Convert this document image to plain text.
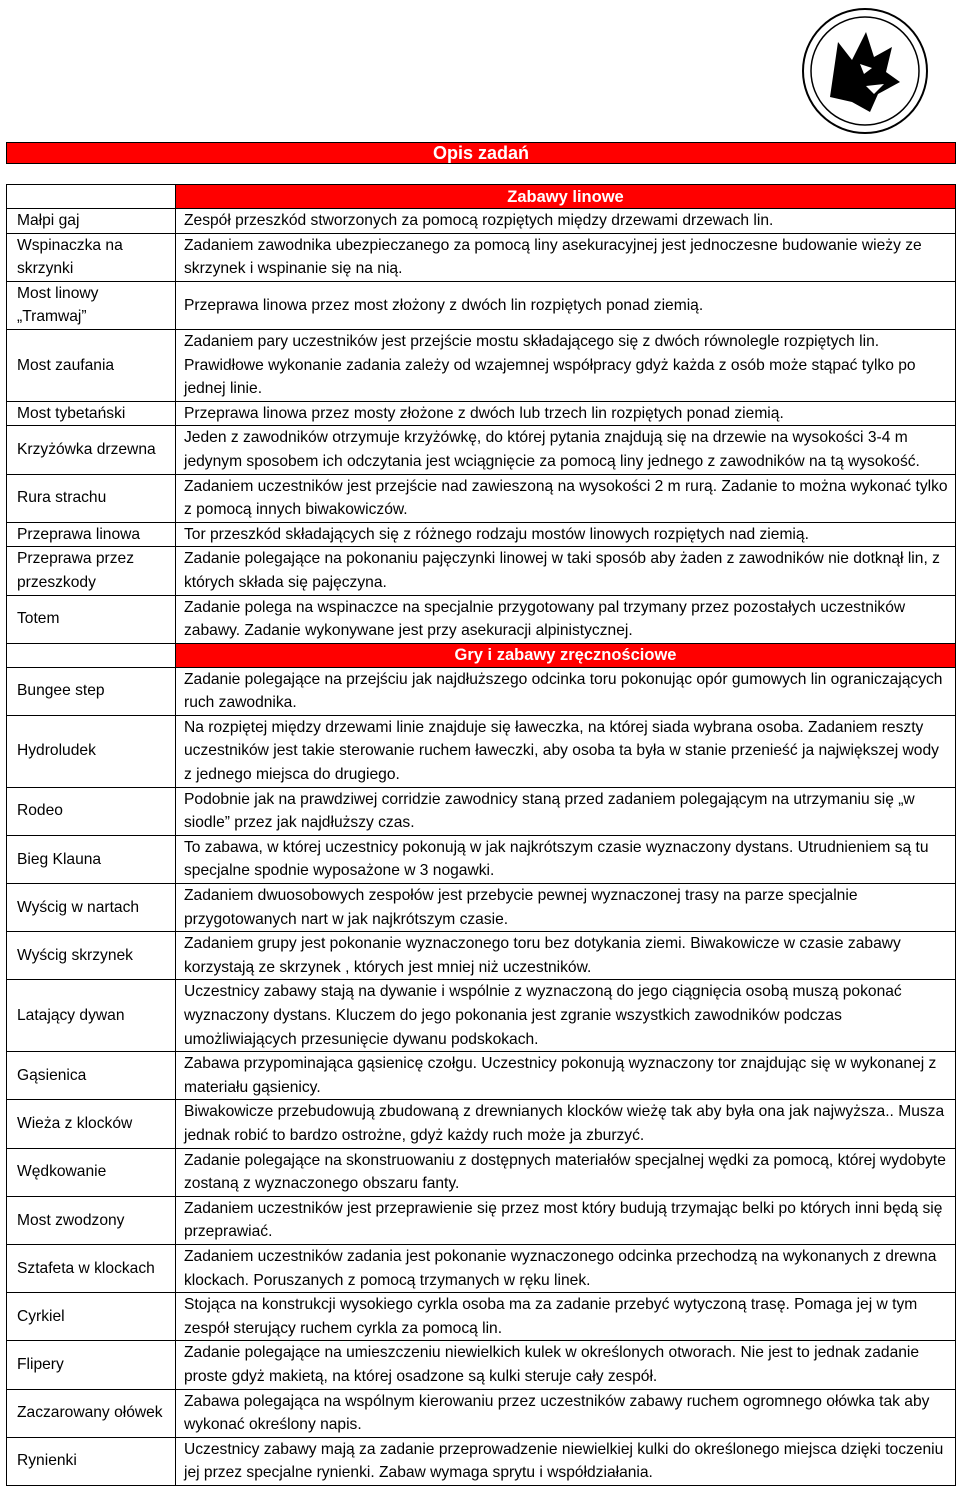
Opis zadań
	Zabawy linowe
Małpi gaj	Zespół przeszkód stworzonych za pomocą rozpiętych między drzewami drzewach lin.
Wspinaczka na skrzynki	Zadaniem zawodnika ubezpieczanego za pomocą liny asekuracyjnej jest jednoczesne budowanie wieży ze skrzynek i wspinanie się na nią.
Most linowy „Tramwaj”	Przeprawa linowa przez most złożony z dwóch lin rozpiętych ponad ziemią.
Most zaufania	Zadaniem pary uczestników jest przejście mostu składającego się z dwóch równolegle rozpiętych lin. Prawidłowe wykonanie zadania zależy od wzajemnej współpracy gdyż każda z osób może stąpać tylko po jednej linie.
Most tybetański	Przeprawa linowa przez mosty złożone z dwóch lub trzech lin rozpiętych ponad ziemią.
Krzyżówka drzewna	Jeden z zawodników otrzymuje krzyżówkę, do której pytania znajdują się na drzewie na wysokości 3-4 m jedynym sposobem ich odczytania jest wciągnięcie za pomocą liny jednego z zawodników na tą wysokość.
Rura strachu	Zadaniem uczestników jest przejście nad zawieszoną na wysokości 2 m rurą. Zadanie to można wykonać tylko z pomocą innych biwakowiczów.
Przeprawa linowa	Tor przeszkód składających się z różnego rodzaju mostów linowych rozpiętych nad ziemią.
Przeprawa przez przeszkody	Zadanie polegające na pokonaniu pajęczynki linowej w taki sposób aby żaden z zawodników nie dotknął lin, z których składa się pajęczyna.
Totem	Zadanie polega na wspinaczce na specjalnie przygotowany pal trzymany przez pozostałych uczestników zabawy. Zadanie wykonywane jest przy asekuracji alpinistycznej.
	Gry i zabawy zręcznościowe
Bungee step	Zadanie polegające na przejściu jak najdłuższego odcinka toru pokonując opór gumowych lin ograniczających ruch zawodnika.
Hydroludek	Na rozpiętej między drzewami linie znajduje się ławeczka, na której siada wybrana osoba. Zadaniem reszty uczestników jest takie sterowanie ruchem ławeczki, aby osoba ta była w stanie przenieść ja największej wody z jednego miejsca do drugiego.
Rodeo	Podobnie jak na prawdziwej corridzie zawodnicy staną przed zadaniem polegającym na utrzymaniu się „w siodle” przez jak najdłuższy czas.
Bieg Klauna	To zabawa, w której uczestnicy pokonują w jak najkrótszym czasie wyznaczony dystans. Utrudnieniem są tu specjalne spodnie wyposażone w 3 nogawki.
Wyścig w nartach	Zadaniem dwuosobowych zespołów jest przebycie pewnej wyznaczonej trasy na parze specjalnie przygotowanych nart w jak najkrótszym czasie.
Wyścig skrzynek	Zadaniem grupy jest pokonanie wyznaczonego toru bez dotykania ziemi. Biwakowicze w czasie zabawy korzystają ze skrzynek , których jest mniej niż uczestników.
Latający dywan	Uczestnicy zabawy stają na dywanie i wspólnie z wyznaczoną do jego ciągnięcia osobą muszą pokonać wyznaczony dystans. Kluczem do jego pokonania jest zgranie wszystkich zawodników podczas umożliwiających przesunięcie dywanu podskokach.
Gąsienica	Zabawa przypominająca gąsienicę czołgu. Uczestnicy pokonują wyznaczony tor znajdując się w wykonanej z materiału gąsienicy.
Wieża z klocków	Biwakowicze przebudowują zbudowaną z drewnianych klocków wieżę tak aby była ona jak najwyższa.. Musza jednak robić to bardzo ostrożne, gdyż każdy ruch może ja zburzyć.
Wędkowanie	Zadanie polegające na skonstruowaniu z dostępnych materiałów specjalnej wędki za pomocą, której wydobyte zostaną z wyznaczonego obszaru fanty.
Most zwodzony	Zadaniem uczestników jest przeprawienie się przez most który budują trzymając belki po których inni będą się przeprawiać.
Sztafeta w klockach	Zadaniem uczestników zadania jest pokonanie wyznaczonego odcinka przechodzą na wykonanych z drewna klockach. Poruszanych z pomocą trzymanych w ręku linek.
Cyrkiel	Stojąca na konstrukcji wysokiego cyrkla osoba ma za zadanie przebyć wytyczoną trasę. Pomaga jej w tym zespół sterujący ruchem cyrkla za pomocą lin.
Flipery	Zadanie polegające na umieszczeniu niewielkich kulek w określonych otworach. Nie jest to jednak zadanie proste gdyż makietą, na której osadzone są kulki steruje cały zespół.
Zaczarowany ołówek	Zabawa polegająca na wspólnym kierowaniu przez uczestników zabawy ruchem ogromnego ołówka tak aby wykonać określony napis.
Rynienki	Uczestnicy zabawy mają za zadanie przeprowadzenie niewielkiej kulki do określonego miejsca dzięki toczeniu jej przez specjalne rynienki. Zabaw wymaga sprytu i współdziałania.
